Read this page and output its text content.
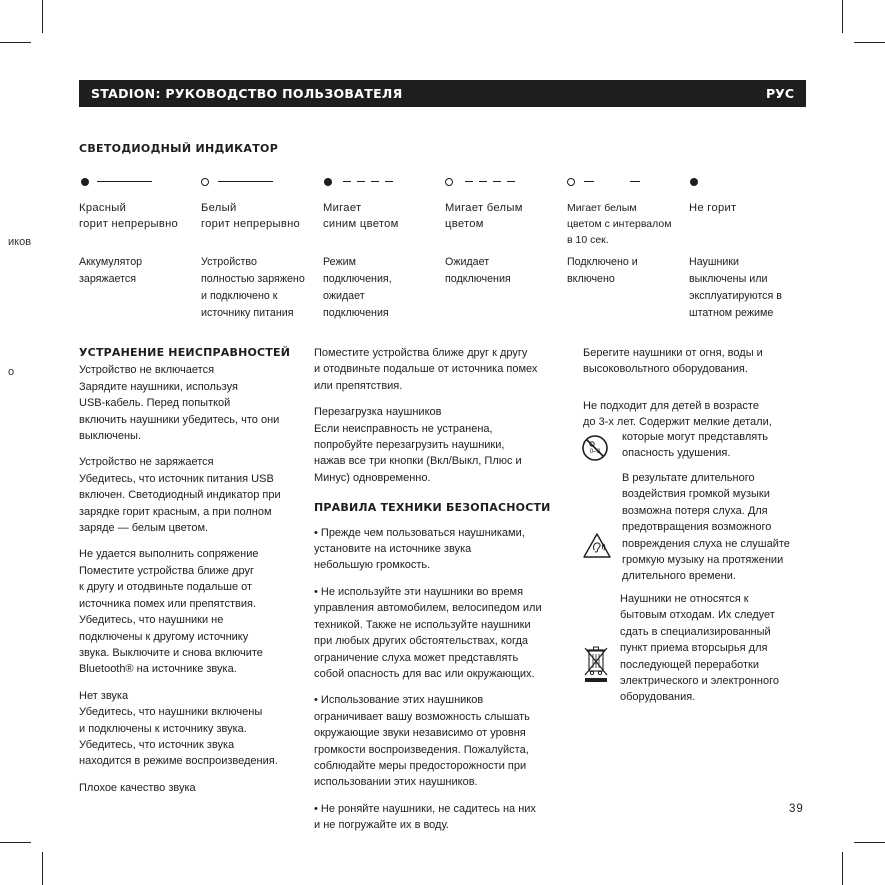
иков
о
STADION: РУКОВОДСТВО ПОЛЬЗОВАТЕЛЯ	РУС
СВЕТОДИОДНЫЙ ИНДИКАТОР
Красный
горит непрерывно
Аккумулятор
заряжается
Белый
горит непрерывно
Устройство
полностью заряжено
и подключено к
источнику питания
Мигает
синим цветом
Режим
подключения,
ожидает
подключения
Мигает белым
цветом
Ожидает
подключения
Мигает белым
цветом с интервалом
в 10 сек.
Подключено и
включено
Не горит
Наушники
выключены или
эксплуатируются в
штатном режиме
УСТРАНЕНИЕ НЕИСПРАВНОСТЕЙ

Устройство не включается
Зарядите наушники, используя
USB-кабель. Перед попыткой
включить наушники убедитесь, что они
выключены.

Устройство не заряжается
Убедитесь, что источник питания USB
включен. Светодиодный индикатор при
зарядке горит красным, а при полном
заряде — белым цветом.

Не удается выполнить сопряжение
Поместите устройства ближе друг
к другу и отодвиньте подальше от
источника помех или препятствия.
Убедитесь, что наушники не
подключены к другому источнику
звука. Выключите и снова включите
Bluetooth® на источнике звука.

Нет звука
Убедитесь, что наушники включены
и подключены к источнику звука.
Убедитесь, что источник звука
находится в режиме воспроизведения.

Плохое качество звука

Поместите устройства ближе друг к другу
и отодвиньте подальше от источника помех
или препятствия.

Перезагрузка наушников
Если неисправность не устранена,
попробуйте перезагрузить наушники,
нажав все три кнопки (Вкл/Выкл, Плюс и
Минус) одновременно.

ПРАВИЛА ТЕХНИКИ БЕЗОПАСНОСТИ

• Прежде чем пользоваться наушниками,
установите на источнике звука
небольшую громкость.

• Не используйте эти наушники во время
управления автомобилем, велосипедом или
техникой. Также не используйте наушники
при любых других обстоятельствах, когда
ограничение слуха может представлять
собой опасность для вас или окружающих.

• Использование этих наушников
ограничивает вашу возможность слышать
окружающие звуки независимо от уровня
громкости воспроизведения. Пожалуйста,
соблюдайте меры предосторожности при
использовании этих наушников.

• Не роняйте наушники, не садитесь на них
и не погружайте их в воду.

Берегите наушники от огня, воды и
высоковольтного оборудования.

Не подходит для детей в возрасте
до 3-х лет. Содержит мелкие детали,

которые могут представлять
опасность удушения.

0–3

В результате длительного
воздействия громкой музыки
возможна потеря слуха. Для
предотвращения возможного
повреждения слуха не слушайте
громкую музыку на протяжении
длительного времени.

Наушники не относятся к
бытовым отходам. Их следует
сдать в специализированный
пункт приема вторсырья для
последующей переработки
электрического и электронного
оборудования.

39
